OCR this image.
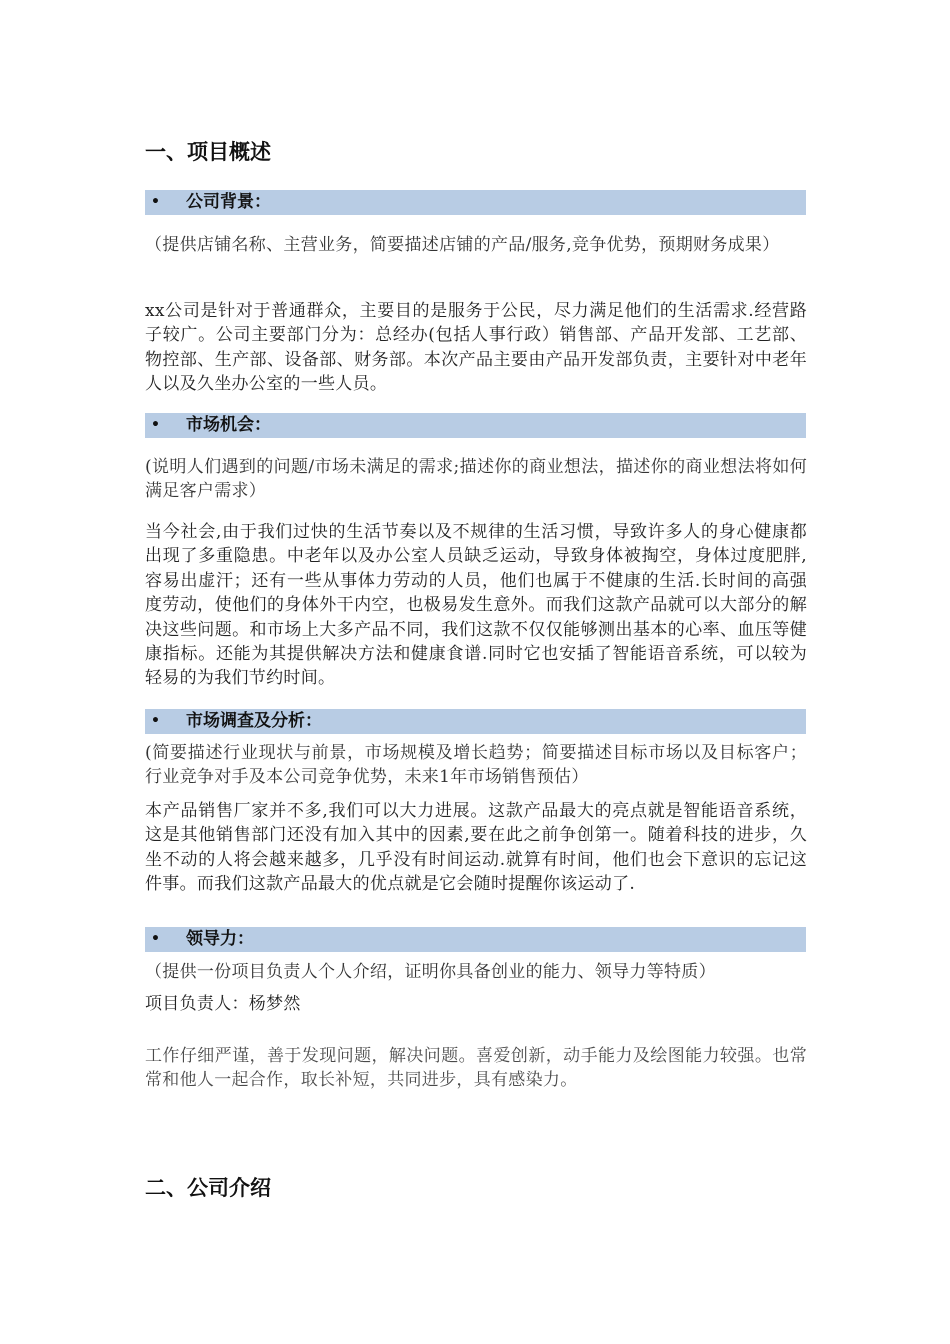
一、项目概述
• 公司背景：
（提供店铺名称、主营业务，简要描述店铺的产品/服务,竞争优势，预期财务成果）
xx公司是针对于普通群众，主要目的是服务于公民，尽力满足他们的生活需求.经营路子较广。公司主要部门分为：总经办(包括人事行政）销售部、产品开发部、工艺部、物控部、生产部、设备部、财务部。本次产品主要由产品开发部负责，主要针对中老年人以及久坐办公室的一些人员。
• 市场机会：
(说明人们遇到的问题/市场未满足的需求;描述你的商业想法，描述你的商业想法将如何满足客户需求）
当今社会,由于我们过快的生活节奏以及不规律的生活习惯，导致许多人的身心健康都出现了多重隐患。中老年以及办公室人员缺乏运动，导致身体被掏空，身体过度肥胖,容易出虚汗；还有一些从事体力劳动的人员，他们也属于不健康的生活.长时间的高强度劳动，使他们的身体外干内空，也极易发生意外。而我们这款产品就可以大部分的解决这些问题。和市场上大多产品不同，我们这款不仅仅能够测出基本的心率、血压等健康指标。还能为其提供解决方法和健康食谱.同时它也安插了智能语音系统，可以较为轻易的为我们节约时间。
• 市场调查及分析：
(简要描述行业现状与前景，市场规模及增长趋势；简要描述目标市场以及目标客户；行业竞争对手及本公司竞争优势，未来1年市场销售预估）
本产品销售厂家并不多,我们可以大力进展。这款产品最大的亮点就是智能语音系统，这是其他销售部门还没有加入其中的因素,要在此之前争创第一。随着科技的进步，久坐不动的人将会越来越多，几乎没有时间运动.就算有时间，他们也会下意识的忘记这件事。而我们这款产品最大的优点就是它会随时提醒你该运动了.
• 领导力：
（提供一份项目负责人个人介绍，证明你具备创业的能力、领导力等特质）
项目负责人：杨梦然
工作仔细严谨，善于发现问题，解决问题。喜爱创新，动手能力及绘图能力较强。也常常和他人一起合作，取长补短，共同进步，具有感染力。
二、公司介绍
